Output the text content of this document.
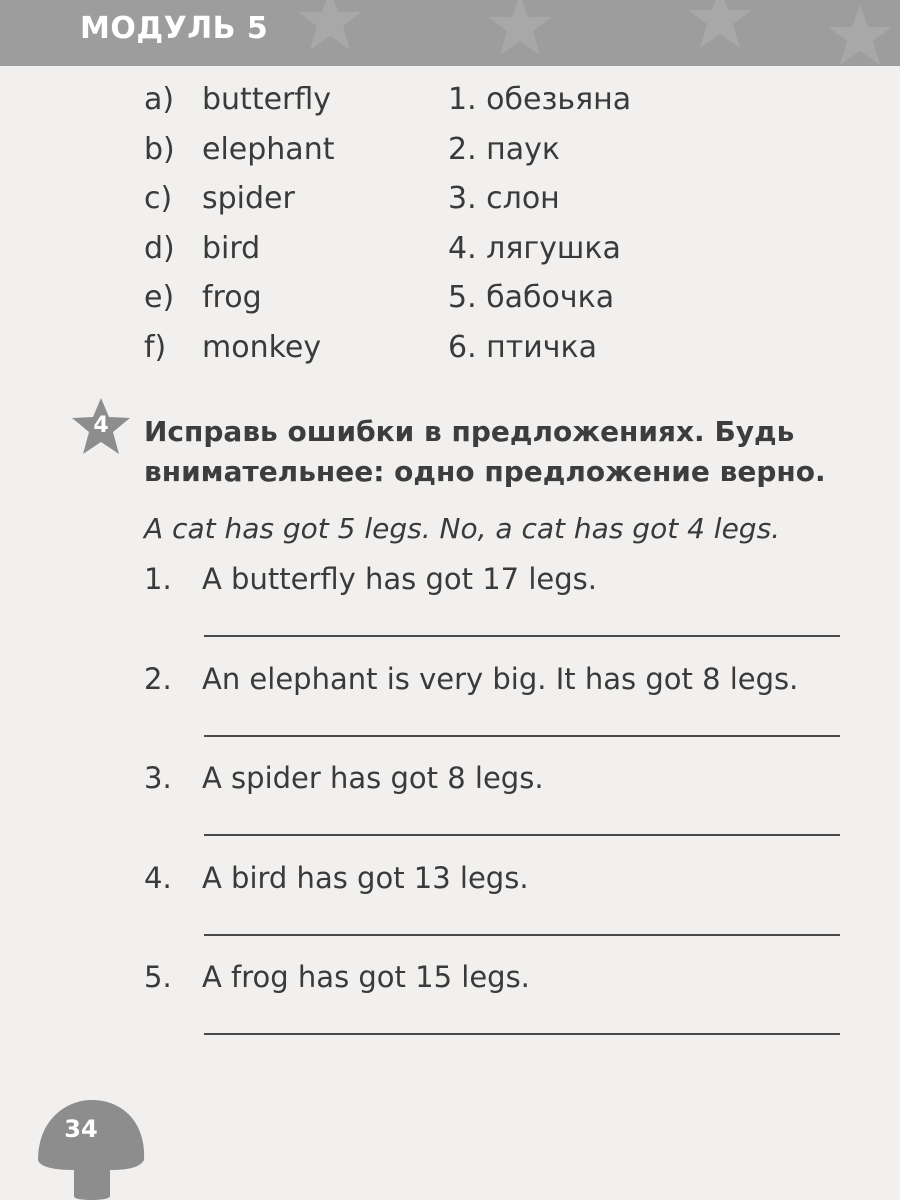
МОДУЛЬ 5
a) butterfly	1. обезьяна
b) elephant	2. паук
c) spider	3. слон
d) bird	4. лягушка
e) frog	5. бабочка
f)	monkey	6. птичка
4	Исправь ошибки в предложениях. Будь внимательнее: одно предложение верно.
A cat has got 5 legs. No, a cat has got 4 legs.
1. A butterfly has got 17 legs.
2. An elephant is very big. It has got 8 legs.
3. A spider has got 8 legs.
4. A bird has got 13 legs.
5. A frog has got 15 legs.
34
